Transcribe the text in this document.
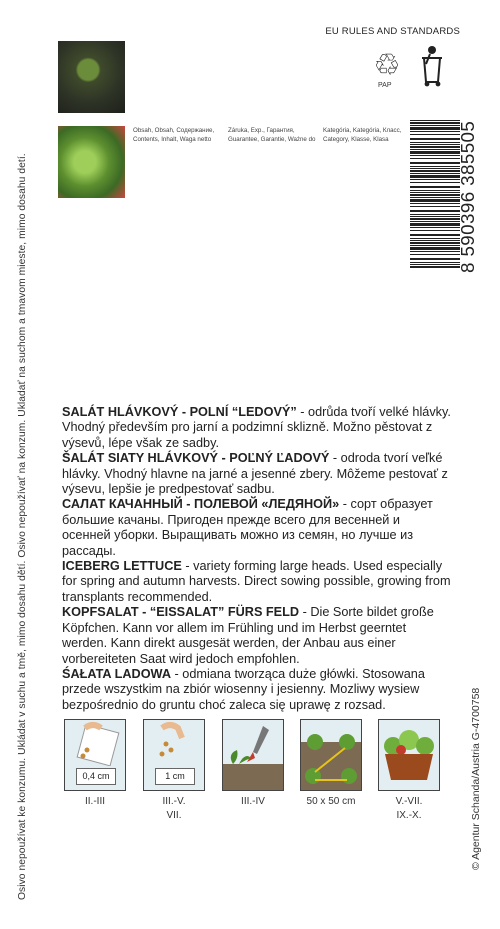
Osivo nepoužívat ke konzumu. Ukládat v suchu a tmě, mimo dosahu dětí. Osivo nepoužívať na konzum. Ukladať na suchom a tmavom mieste, mimo dosahu detí.	© Agentur Schanda/Austria G-4700758
Obsah, Obsah, Содержание,
Contents, Inhalt, Waga netto
Záruka, Exp., Гарантия,
Guarantee, Garantie, Ważne do
Kategória, Kategória, Класс,
Category, Klasse, Klasa
EU RULES AND STANDARDS
♲
PAP
8 590396 385505
SALÁT HLÁVKOVÝ - POLNÍ “LEDOVÝ” - odrůda tvoří velké hlávky. Vhodný především pro jarní a podzimní sklizně. Možno pěstovat z výsevů, lépe však ze sadby.
ŠALÁT SIATY HLÁVKOVÝ - POĽNÝ ĽADOVÝ - odroda tvorí veľké hlávky. Vhodný hlavne na jarné a jesenné zbery. Môžeme pestovať z výsevu, lepšie je predpestovať sadbu.
САЛАТ КАЧАННЫЙ - ПОЛЕВОЙ «ЛЕДЯНОЙ» - сорт образует большие качаны. Пригоден прежде всего для весенней и осенней уборки. Выращивать можно из семян, но лучше из рассады.
ICEBERG LETTUCE - variety forming large heads. Used especially for spring and autumn harvests. Direct sowing possible, growing from transplants recommended.
KOPFSALAT - “EISSALAT” FÜRS FELD - Die Sorte bildet große Köpfchen. Kann vor allem im Frühling und im Herbst geerntet werden. Kann direkt ausgesät werden, der Anbau aus einer vorbereiteten Saat wird jedoch empfohlen.
ŚAŁATA LADOWA - odmiana tworząca duże główki. Stosowana przede wszystkim na zbiór wiosenny i jesienny. Mozliwy wysiew bezpośrednio do gruntu choć zaleca się uprawę z rozsad.
0,4 cm	1 cm
II.-III	III.-V.
VII.
III.-IV	50 x 50 cm	V.-VII.
IX.-X.
